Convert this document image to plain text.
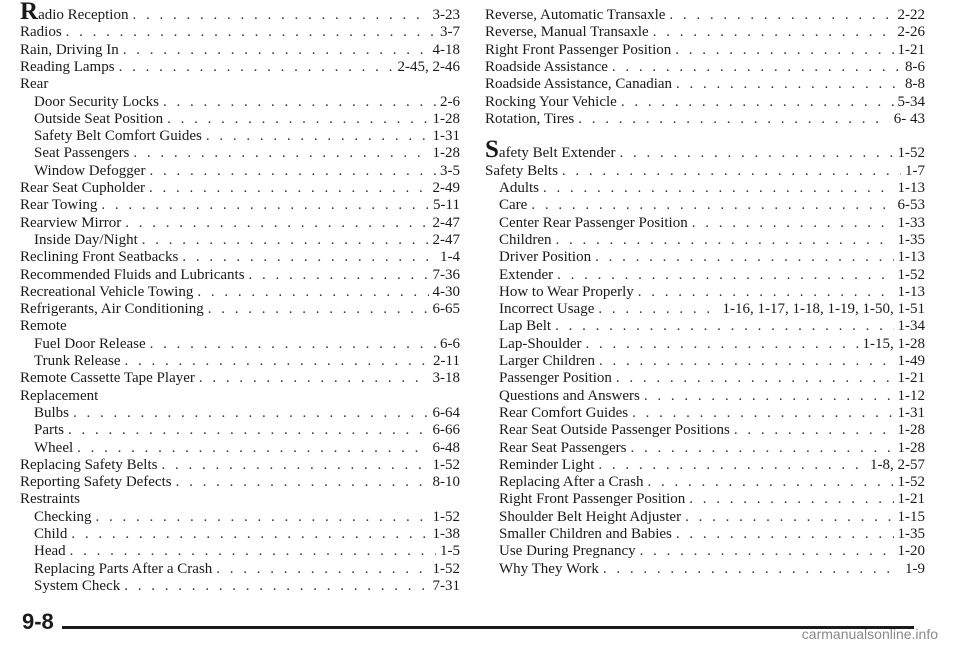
Radio Reception . . .	3-23
Radios . . .	3-7
Rain, Driving In . . .	4-18
Reading Lamps . . .	2-45, 2-46
Rear
Door Security Locks . . .	2-6
Outside Seat Position . . .	1-28
Safety Belt Comfort Guides . . .	1-31
Seat Passengers . . .	1-28
Window Defogger . . .	3-5
Rear Seat Cupholder . . .	2-49
Rear Towing . . .	5-11
Rearview Mirror . . .	2-47
Inside Day/Night . . .	2-47
Reclining Front Seatbacks . . .	1-4
Recommended Fluids and Lubricants . . .	7-36
Recreational Vehicle Towing . . .	4-30
Refrigerants, Air Conditioning . . .	6-65
Remote
Fuel Door Release . . .	6-6
Trunk Release . . .	2-11
Remote Cassette Tape Player . . .	3-18
Replacement
Bulbs . . .	6-64
Parts . . .	6-66
Wheel . . .	6-48
Replacing Safety Belts . . .	1-52
Reporting Safety Defects . . .	8-10
Restraints
Checking . . .	1-52
Child . . .	1-38
Head . . .	1-5
Replacing Parts After a Crash . . .	1-52
System Check . . .	7-31
Reverse, Automatic Transaxle . . .	2-22
Reverse, Manual Transaxle . . .	2-26
Right Front Passenger Position . . .	1-21
Roadside Assistance . . .	8-6
Roadside Assistance, Canadian . . .	8-8
Rocking Your Vehicle . . .	5-34
Rotation, Tires . . .	6- 43
Safety Belt Extender . . .	1-52
Safety Belts . . .	1-7
Adults . . .	1-13
Care . . .	6-53
Center Rear Passenger Position . . .	1-33
Children . . .	1-35
Driver Position . . .	1-13
Extender . . .	1-52
How to Wear Properly . . .	1-13
Incorrect Usage . . .	1-16, 1-17, 1-18, 1-19, 1-50, 1-51
Lap Belt . . .	1-34
Lap-Shoulder . . .	1-15, 1-28
Larger Children . . .	1-49
Passenger Position . . .	1-21
Questions and Answers . . .	1-12
Rear Comfort Guides . . .	1-31
Rear Seat Outside Passenger Positions . . .	1-28
Rear Seat Passengers . . .	1-28
Reminder Light . . .	1-8, 2-57
Replacing After a Crash . . .	1-52
Right Front Passenger Position . . .	1-21
Shoulder Belt Height Adjuster . . .	1-15
Smaller Children and Babies . . .	1-35
Use During Pregnancy . . .	1-20
Why They Work . . .	1-9
9-8	carmanualsonline.info
